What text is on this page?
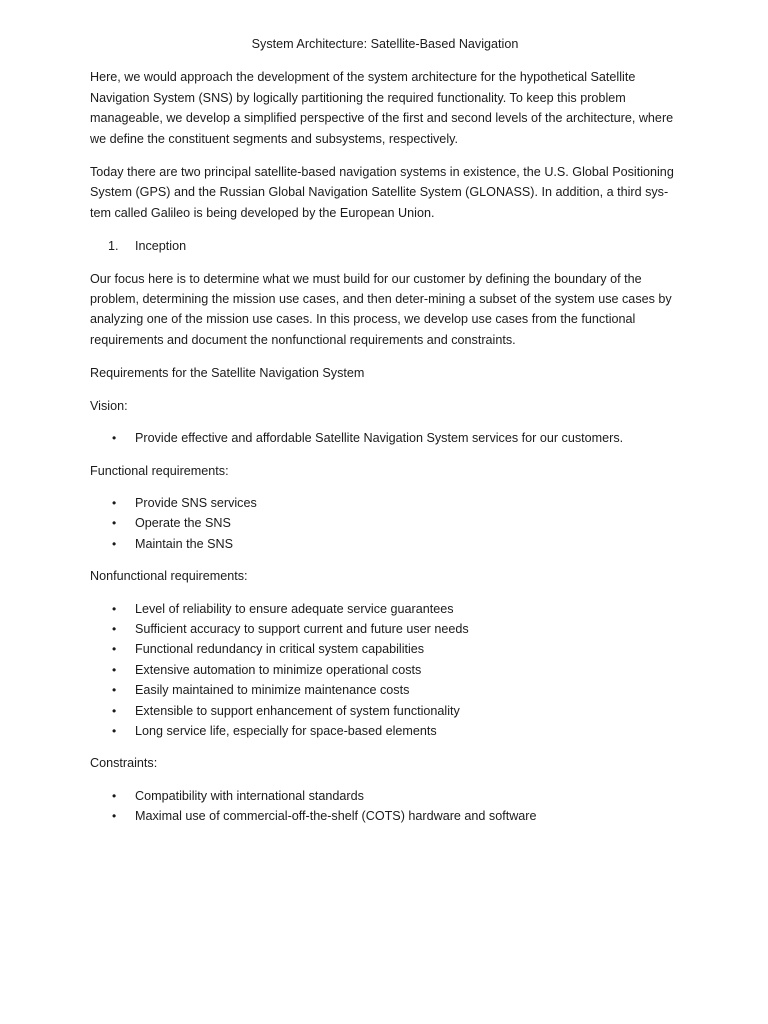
System Architecture: Satellite-Based Navigation

Here, we would approach the development of the system architecture for the hypothetical Satellite Navigation System (SNS) by logically partitioning the required functionality. To keep this problem manageable, we develop a simplified perspective of the first and second levels of the architecture, where we define the constituent segments and subsystems, respectively.

Today there are two principal satellite-based navigation systems in existence, the U.S. Global Positioning System (GPS) and the Russian Global Navigation Satellite System (GLONASS). In addition, a third sys-tem called Galileo is being developed by the European Union.

1.	Inception

Our focus here is to determine what we must build for our customer by defining the boundary of the problem, determining the mission use cases, and then deter-mining a subset of the system use cases by analyzing one of the mission use cases. In this process, we develop use cases from the functional requirements and document the nonfunctional requirements and constraints.

Requirements for the Satellite Navigation System
Vision:
•	Provide effective and affordable Satellite Navigation System services for our customers.
Functional requirements:
•	Provide SNS services
•	Operate the SNS
•	Maintain the SNS
Nonfunctional requirements:
•	Level of reliability to ensure adequate service guarantees
•	Sufficient accuracy to support current and future user needs
•	Functional redundancy in critical system capabilities
•	Extensive automation to minimize operational costs
•	Easily maintained to minimize maintenance costs
•	Extensible to support enhancement of system functionality
•	Long service life, especially for space-based elements
Constraints:
•	Compatibility with international standards
•	Maximal use of commercial-off-the-shelf (COTS) hardware and software
